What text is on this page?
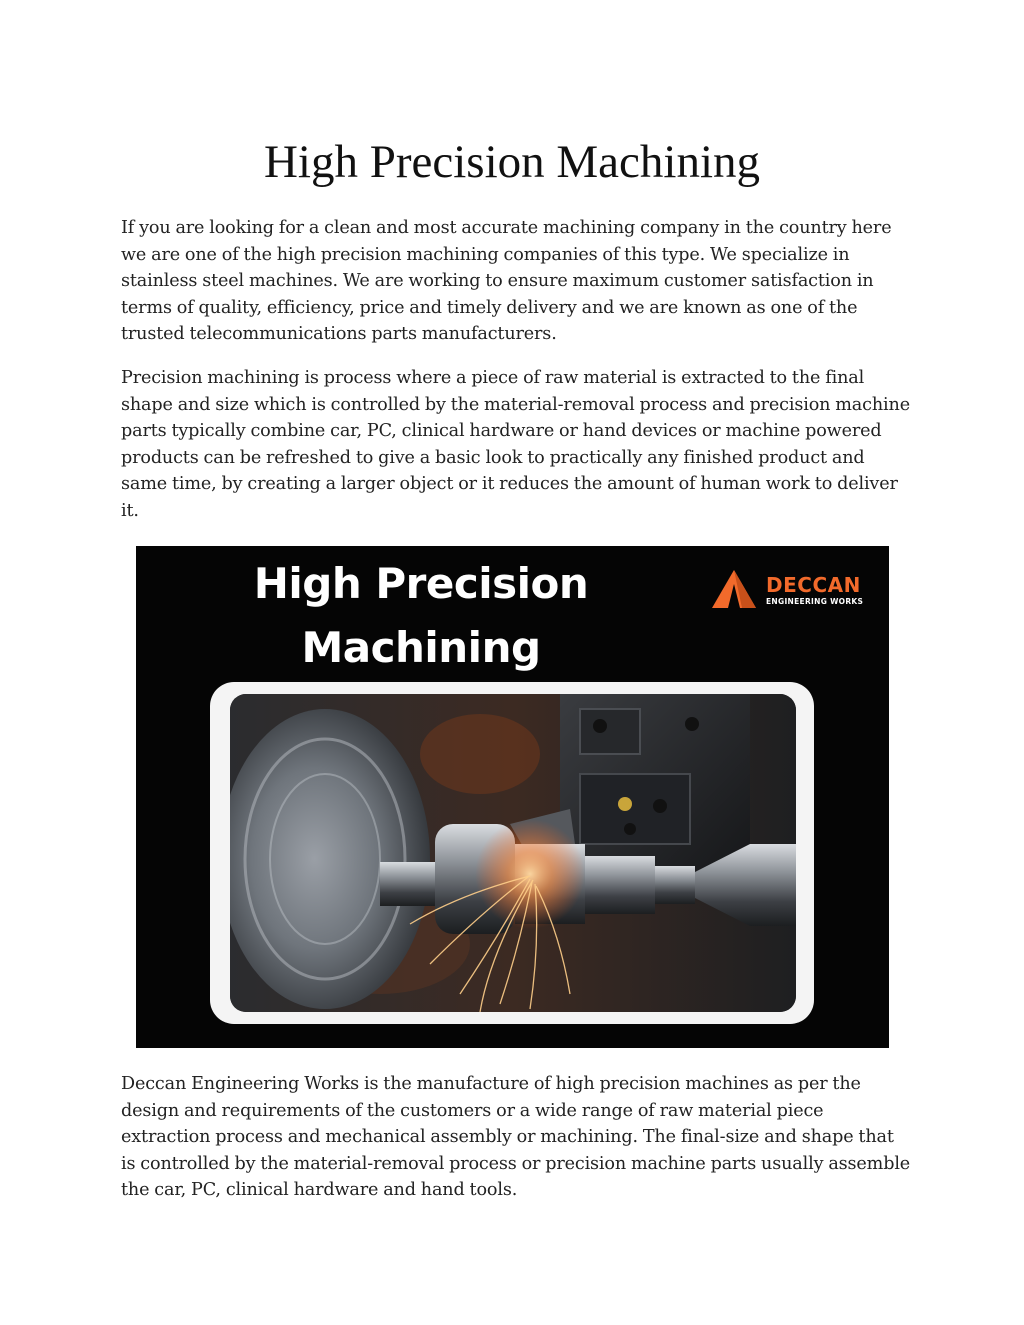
High Precision Machining

If you are looking for a clean and most accurate machining company in the country here we are one of the high precision machining companies of this type. We specialize in stainless steel machines. We are working to ensure maximum customer satisfaction in terms of quality, efficiency, price and timely delivery and we are known as one of the trusted telecommunications parts manufacturers.

Precision machining is process where a piece of raw material is extracted to the final shape and size which is controlled by the material-removal process and precision machine parts typically combine car, PC, clinical hardware or hand devices or machine powered products can be refreshed to give a basic look to practically any finished product and same time, by creating a larger object or it reduces the amount of human work to deliver it.

High Precision
Machining
DECCAN
ENGINEERING WORKS

Deccan Engineering Works is the manufacture of high precision machines as per the design and requirements of the customers or a wide range of raw material piece extraction process and mechanical assembly or machining. The final-size and shape that is controlled by the material-removal process or precision machine parts usually assemble the car, PC, clinical hardware and hand tools.
